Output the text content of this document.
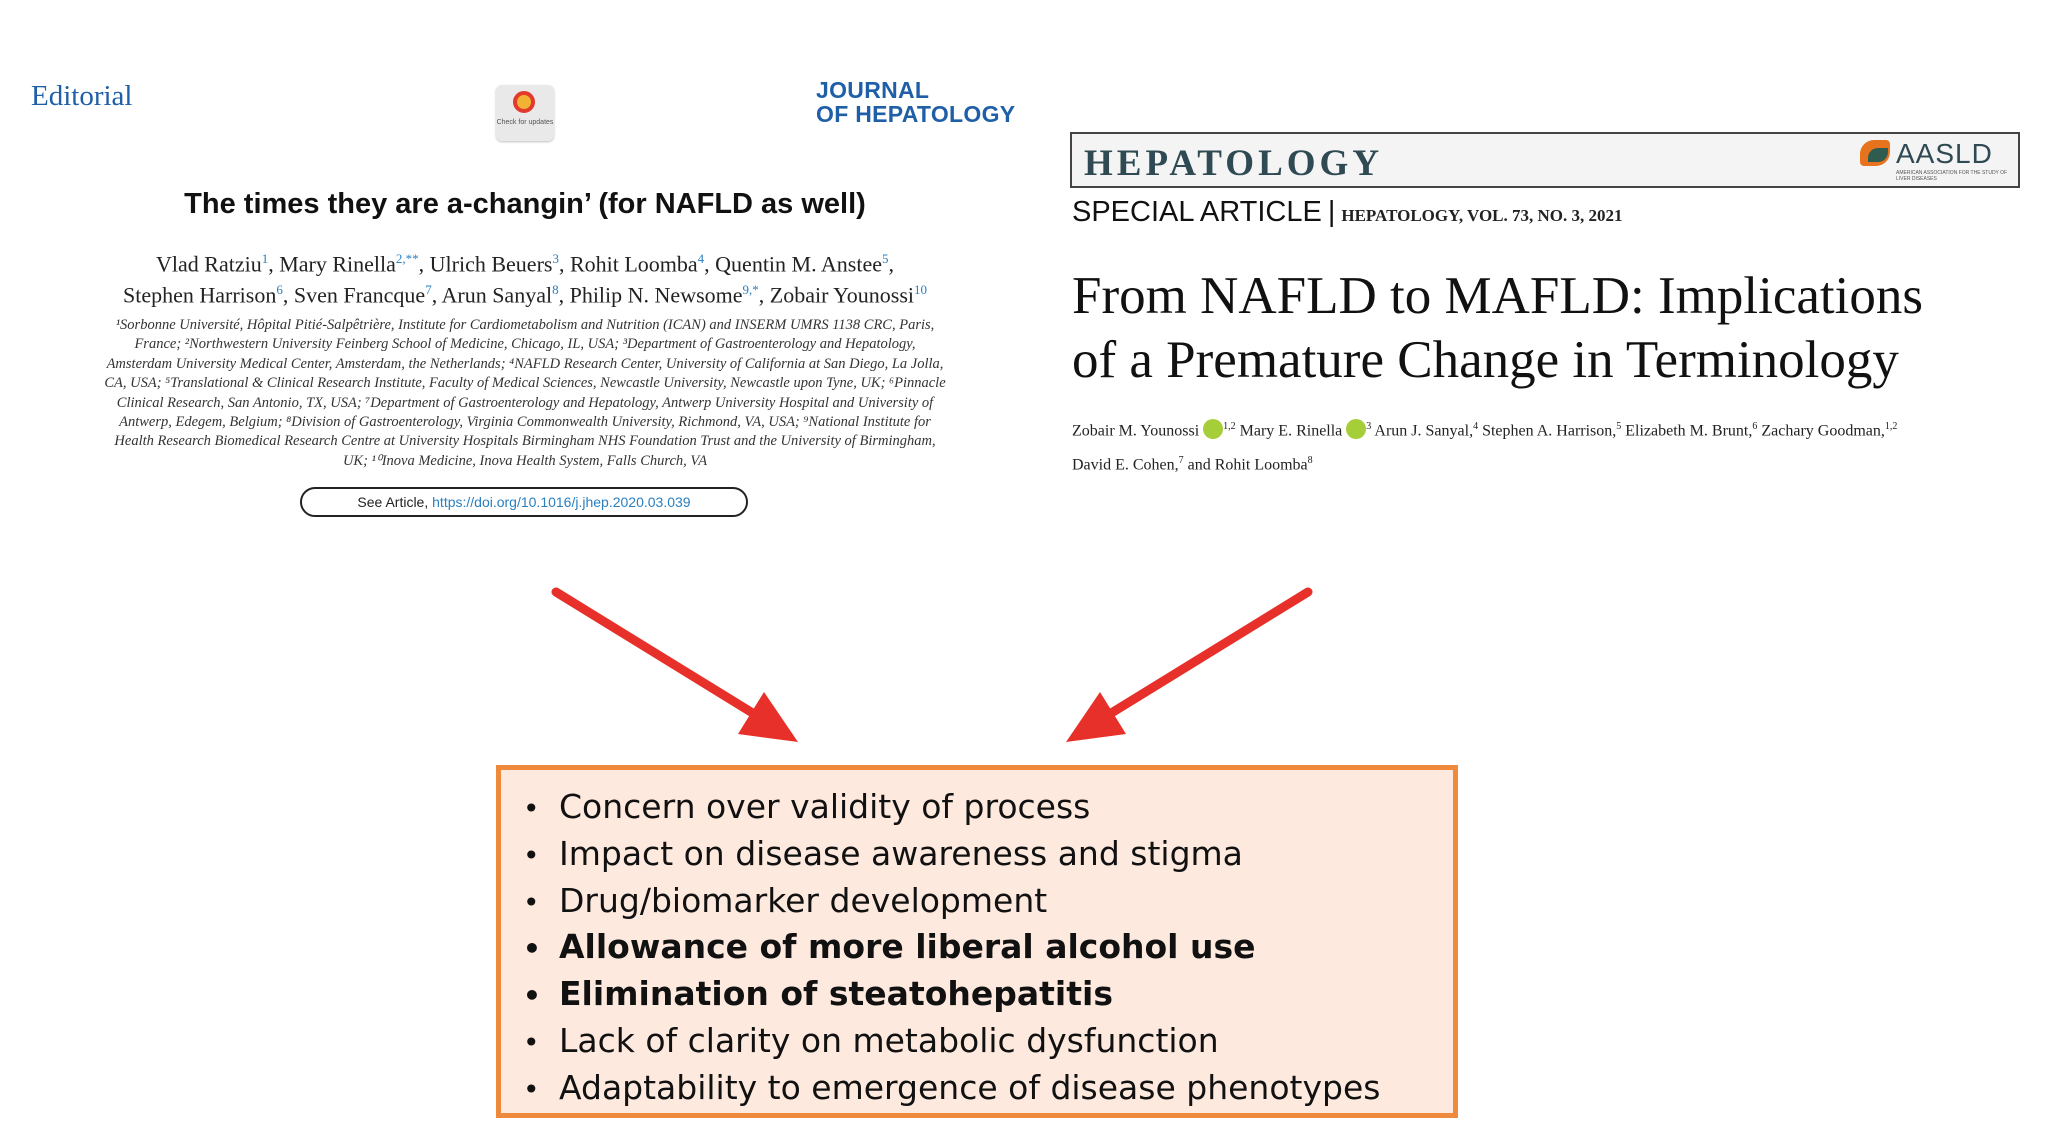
Editorial
Check for updates
JOURNAL
OF HEPATOLOGY
The times they are a-changin’ (for NAFLD as well)
Vlad Ratziu$^1$, Mary Rinella$^{2,**}$, Ulrich Beuers$^3$, Rohit Loomba$^4$, Quentin M. Anstee$^5$,
Stephen Harrison$^6$, Sven Francque$^7$, Arun Sanyal$^8$, Philip N. Newsome$^{9,*}$, Zobair Younossi$^{10}$
¹Sorbonne Université, Hôpital Pitié-Salpêtrière, Institute for Cardiometabolism and Nutrition (ICAN) and INSERM UMRS 1138 CRC, Paris,
France; ²Northwestern University Feinberg School of Medicine, Chicago, IL, USA; ³Department of Gastroenterology and Hepatology,
Amsterdam University Medical Center, Amsterdam, the Netherlands; ⁴NAFLD Research Center, University of California at San Diego, La Jolla,
CA, USA; ⁵Translational & Clinical Research Institute, Faculty of Medical Sciences, Newcastle University, Newcastle upon Tyne, UK; ⁶Pinnacle
Clinical Research, San Antonio, TX, USA; ⁷Department of Gastroenterology and Hepatology, Antwerp University Hospital and University of
Antwerp, Edegem, Belgium; ⁸Division of Gastroenterology, Virginia Commonwealth University, Richmond, VA, USA; ⁹National Institute for
Health Research Biomedical Research Centre at University Hospitals Birmingham NHS Foundation Trust and the University of Birmingham,
UK; ¹⁰Inova Medicine, Inova Health System, Falls Church, VA
See Article, https://doi.org/10.1016/j.jhep.2020.03.039
HEPATOLOGY	AASLD
AMERICAN ASSOCIATION FOR THE STUDY OF LIVER DISEASES
SPECIAL ARTICLE | HEPATOLOGY, VOL. 73, NO. 3, 2021
From NAFLD to MAFLD: Implications
of a Premature Change in Terminology
Zobair M. Younossi $^{1,2}$ Mary E. Rinella $^3$ Arun J. Sanyal,$^4$ Stephen A. Harrison,$^5$ Elizabeth M. Brunt,$^6$ Zachary Goodman,$^{1,2}$
David E. Cohen,$^7$ and Rohit Loomba$^8$
• Concern over validity of process
• Impact on disease awareness and stigma
• Drug/biomarker development
• Allowance of more liberal alcohol use
• Elimination of steatohepatitis
• Lack of clarity on metabolic dysfunction
• Adaptability to emergence of disease phenotypes
